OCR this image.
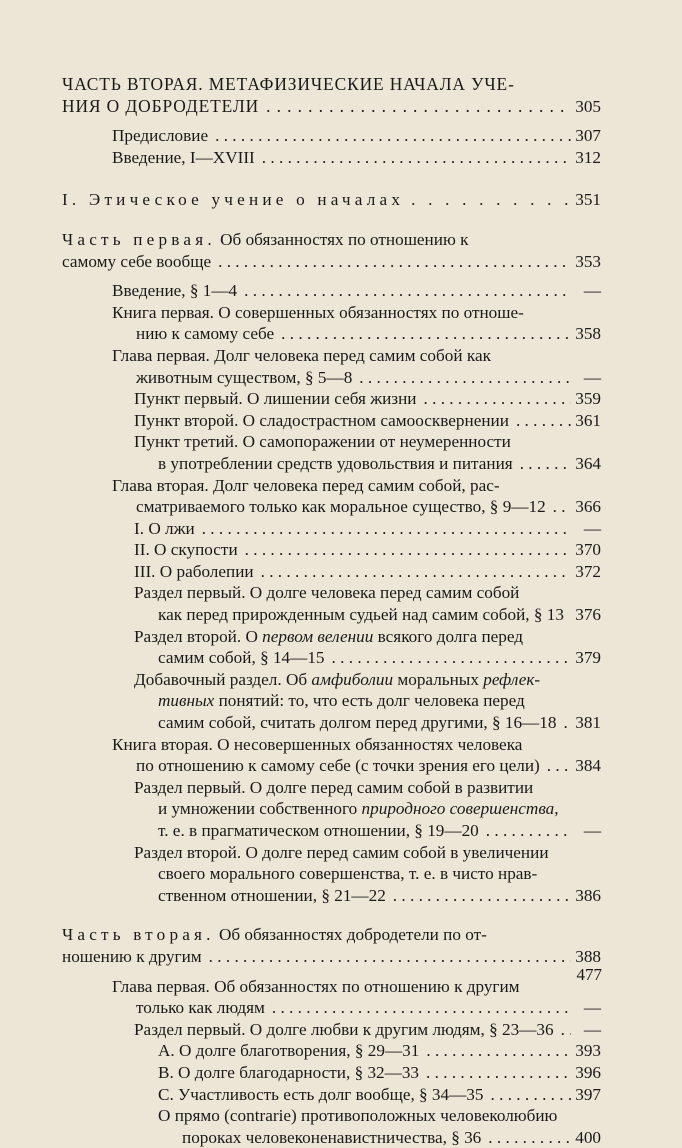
ЧАСТЬ ВТОРАЯ. МЕТАФИЗИЧЕСКИЕ НАЧАЛА УЧЕ-
НИЯ О ДОБРОДЕТЕЛИ . . .	305
Предисловие . . .	307
Введение, I—XVIII . . .	312
I. Этическое учение о началах . . .	351
Часть первая. Об обязанностях по отношению к
самому себе вообще . . .	353
Введение, § 1—4 . . .	—
Книга первая. О совершенных обязанностях по отноше-
нию к самому себе . . .	358
Глава первая. Долг человека перед самим собой как
животным существом, § 5—8 . . .	—
Пункт первый. О лишении себя жизни . . .	359
Пункт второй. О сладострастном самоосквернении . . .	361
Пункт третий. О самопоражении от неумеренности
в употреблении средств удовольствия и питания . . .	364
Глава вторая. Долг человека перед самим собой, рас-
сматриваемого только как моральное существо, § 9—12 . . .	366
I. О лжи . . .	—
II. О скупости . . .	370
III. О раболепии . . .	372
Раздел первый. О долге человека перед самим собой
как перед прирожденным судьей над самим собой, § 13 . . . 376
Раздел второй. О первом велении всякого долга перед
самим собой, § 14—15 . . .	379
Добавочный раздел. Об амфиболии моральных рефлек-
тивных понятий: то, что есть долг человека перед
самим собой, считать долгом перед другими, § 16—18 . . .	381
Книга вторая. О несовершенных обязанностях человека
по отношению к самому себе (с точки зрения его цели) . . .	384
Раздел первый. О долге перед самим собой в развитии
и умножении собственного природного совершенства,
т. е. в прагматическом отношении, § 19—20 . . .	—
Раздел второй. О долге перед самим собой в увеличении
своего морального совершенства, т. е. в чисто нрав-
ственном отношении, § 21—22 . . .	386
Часть вторая. Об обязанностях добродетели по от-
ношению к другим . . .	388
Глава первая. Об обязанностях по отношению к другим
только как людям . . .	—
Раздел первый. О долге любви к другим людям, § 23—36 . . .	—
А. О долге благотворения, § 29—31 . . .	393
В. О долге благодарности, § 32—33 . . .	396
С. Участливость есть долг вообще, § 34—35 . . .	397
О прямо (contrarie) противоположных человеколюбию
пороках человеконенавистничества, § 36 . . .	400
477
